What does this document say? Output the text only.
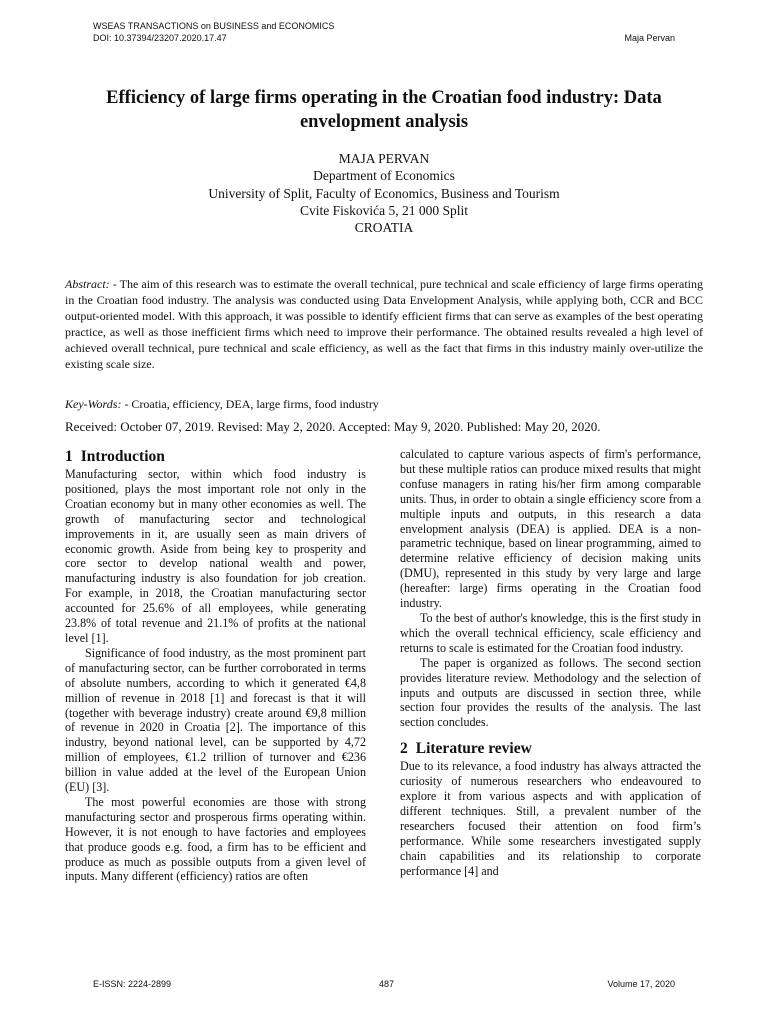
WSEAS TRANSACTIONS on BUSINESS and ECONOMICS
DOI: 10.37394/23207.2020.17.47	Maja Pervan
Efficiency of large firms operating in the Croatian food industry: Data envelopment analysis
MAJA PERVAN
Department of Economics
University of Split, Faculty of Economics, Business and Tourism
Cvite Fiskovića 5, 21 000 Split
CROATIA
Abstract: - The aim of this research was to estimate the overall technical, pure technical and scale efficiency of large firms operating in the Croatian food industry. The analysis was conducted using Data Envelopment Analysis, while applying both, CCR and BCC output-oriented model. With this approach, it was possible to identify efficient firms that can serve as examples of the best operating practice, as well as those inefficient firms which need to improve their performance. The obtained results revealed a high level of achieved overall technical, pure technical and scale efficiency, as well as the fact that firms in this industry mainly over-utilize the existing scale size.
Key-Words: - Croatia, efficiency, DEA, large firms, food industry
Received: October 07, 2019. Revised: May 2, 2020. Accepted: May 9, 2020. Published: May 20, 2020.
1 Introduction

Manufacturing sector, within which food industry is positioned, plays the most important role not only in the Croatian economy but in many other economies as well. The growth of manufacturing sector and technological improvements in it, are usually seen as main drivers of economic growth. Aside from being key to prosperity and core sector to develop national wealth and power, manufacturing industry is also foundation for job creation. For example, in 2018, the Croatian manufacturing sector accounted for 25.6% of all employees, while generating 23.8% of total revenue and 21.1% of profits at the national level [1].

Significance of food industry, as the most prominent part of manufacturing sector, can be further corroborated in terms of absolute numbers, according to which it generated €4,8 million of revenue in 2018 [1] and forecast is that it will (together with beverage industry) create around €9,8 million of revenue in 2020 in Croatia [2]. The importance of this industry, beyond national level, can be supported by 4,72 million of employees, €1.2 trillion of turnover and €236 billion in value added at the level of the European Union (EU) [3].

The most powerful economies are those with strong manufacturing sector and prosperous firms operating within. However, it is not enough to have factories and employees that produce goods e.g. food, a firm has to be efficient and produce as much as possible outputs from a given level of inputs. Many different (efficiency) ratios are often

calculated to capture various aspects of firm's performance, but these multiple ratios can produce mixed results that might confuse managers in rating his/her firm among comparable units. Thus, in order to obtain a single efficiency score from a multiple inputs and outputs, in this research a data envelopment analysis (DEA) is applied. DEA is a non-parametric technique, based on linear programming, aimed to determine relative efficiency of decision making units (DMU), represented in this study by very large and large (hereafter: large) firms operating in the Croatian food industry.

To the best of author's knowledge, this is the first study in which the overall technical efficiency, scale efficiency and returns to scale is estimated for the Croatian food industry.

The paper is organized as follows. The second section provides literature review. Methodology and the selection of inputs and outputs are discussed in section three, while section four provides the results of the analysis. The last section concludes.

2 Literature review

Due to its relevance, a food industry has always attracted the curiosity of numerous researchers who endeavoured to explore it from various aspects and with application of different techniques. Still, a prevalent number of the researchers focused their attention on food firm’s performance. While some researchers investigated supply chain capabilities and its relationship to corporate performance [4] and

E-ISSN: 2224-2899	487	Volume 17, 2020
